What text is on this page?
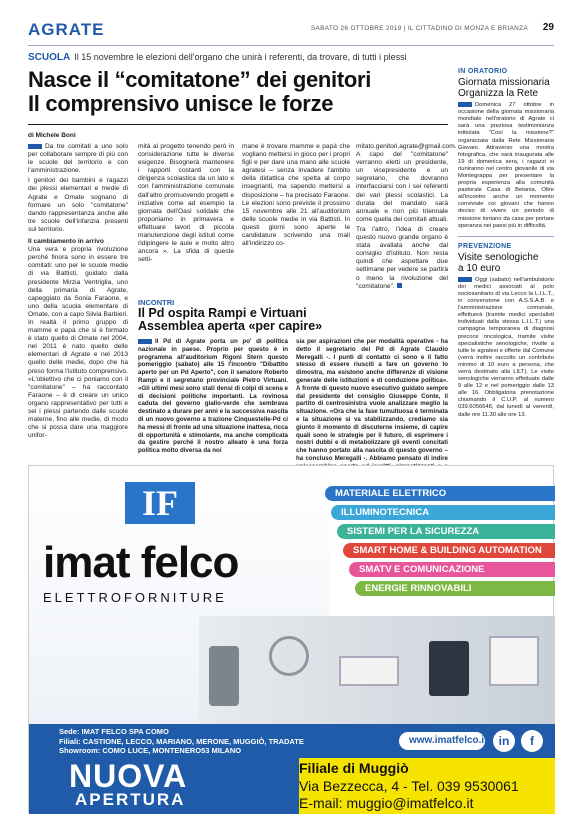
AGRATE	SABATO 26 OTTOBRE 2019 | IL CITTADINO DI MONZA E BRIANZA 29
SCUOLA Il 15 novembre le elezioni dell'organo che unirà i referenti, da trovare, di tutti i plessi
Nasce il “comitatone” dei genitori
Il comprensivo unisce le forze
di Michele Boni

Da tre comitati a uno solo per collaborare sempre di più con le scuole del territorio e con l'amministrazione.

I genitori dei bambini e ragazzi dei plessi elementari e medie di Agrate e Omate sognano di formare un solo "comitatone" dando rappresentanza anche alle tre scuole dell'infanzia presenti sul territorio.

Il cambiamento in arrivo

Una vera e propria rivoluzione perché finora sono in essere tre comitati: uno per le scuole medie di via Battisti, guidato dalla presidente Mirzia Ventriglia, uno della primaria di Agrate, capeggiato da Sonia Faraone, e uno della scuola elementare di Omate, con a capo Silvia Barbieri. In realtà il primo gruppo di mamme e papà che si è formato è stato quello di Omate nel 2004, nel 2011 è nato quello delle elementari di Agrate e nel 2013 quello delle medie, dopo che ha preso forma l'istituto comprensivo. «L'obiettivo che ci poniamo con il "comitatone" – ha raccontato Faraone – è di creare un unico organo rappresentativo per tutti e sei i plessi partendo dalle scuole materne, fino alle medie, di modo che si possa dare una maggiore unifor-

mità al progetto tenendo però in considerazione tutte le diverse esigenze. Bisognerà mantenere i rapporti costanti con la dirigenza scolastica da un lato e con l'amministrazione comunale dall'altro promuovendo progetti e iniziative come ad esempio la giornata dell'Oasi solidale che proponiamo in primavera e effettuare lavori di piccola manutenzione degli istituti come ridipingere le aule e molto altro ancora ». La sfida di queste setti-

mane è trovare mamme e papà che vogliano mettersi in gioco per i propri figli e per dare una mano alle scuole agratesi – senza invadere l'ambito della didattica che spetta al corpo insegnanti, ma sapendo mettersi a disposizione – ha precisato Faraone. Le elezioni sono previste il prossimo 15 novembre alle 21 all'auditorium delle scuole medie in via Battisti. In questi giorni sono aperte le candidature scrivendo una mail all'indirizzo co-

mitato.genitori.agrate@gmail.com. A capo del "comitatone" verranno eletti un presidente, un vicepresidente e un segretario, che dovranno interfacciarsi con i sei referenti dei vari plessi scolastici. La durata del mandato sarà annuale e non più triennale come quella dei comitati attuali.

Tra l'altro, l'idea di creare questo nuovo grande organo è stata avallata anche dal consiglio d'istituto. Non resta quindi che aspettare due settimane per vedere se partirà o meno la rivoluzione del "comitatone".

INCONTRI
Il Pd ospita Rampi e Virtuani
Assemblea aperta «per capire»

Il Pd di Agrate porta un po' di politica nazionale in paese. Proprio per questo è in programma all'auditorium Rigoni Stern questo pomeriggio (sabato) alle 15 l'incontro "Dibattito aperto per un Pd Aperto", con il senatore Roberto Rampi e il segretario provinciale Pietro Virtuani. «Gli ultimi mesi sono stati densi di colpi di scena e di decisioni politiche importanti. La rovinosa caduta del governo giallo-verde che sembrava destinato a durare per anni e la successiva nascita di un nuovo governo a trazione Cinquestelle-Pd ci ha messi di fronte ad una situazione inattesa, ricca di opportunità e stimolante, ma anche complicata da gestire perché il nostro alleato è una forza politica molto diversa da noi

sia per aspirazioni che per modalità operative - ha detto il segretario del Pd di Agrate Claudio Meregalli -. I punti di contatto ci sono e il fatto stesso di essere riusciti a fare un governo lo dimostra, ma esistono anche differenze di visione generale delle istituzioni e di conduzione politica». A fronte di questo nuovo esecutivo guidato sempre dal presidente del consiglio Giuseppe Conte, il partito di centrosinistra vuole analizzare meglio la situazione. «Ora che la fase tumultuosa è terminata e la situazione si va stabilizzando, crediamo sia giunto il momento di discuterne insieme, di capire quali sono le strategie per il futuro, di esprimere i nostri dubbi e di metabolizzare gli eventi concitati che hanno portato alla nascita di questo governo – ha concluso Meregalli -. Abbiamo pensato di indire

IN ORATORIO
Giornata missionaria
Organizza la Rete
Domenica 27 ottobre in occasione della giornata missionaria mondiale nell'oratorio di Agrate ci sarà una preziosa testimonianza intitolata "Così la missione?" organizzata dalla Rete Missionaria Giovani. Attraverso una mostra fotografica, che sarà inaugurata alle 19 di domenica sera, i ragazzi si riuniranno nel centro giovanile di via Montegrappa per presentare la propria esperienza alla comunità pastorale Casa di Betania. Oltre all'incontro anche un momento conviviale coi giovani che hanno deciso di vivere un periodo di missione lontano da casa per portare speranza nei paesi più in difficoltà.
PREVENZIONE
Visite senologiche
a 10 euro
Oggi (sabato) nell'ambulatorio dei medici associati al polo sociosanitario di via Lecco la L.I.L.T., in convenzione con A.S.S.A.B. e l'amministrazione comunale, effettuerà (tramite medici specialisti individuati dalla stessa L.I.L.T.) una campagna temporanea di diagnosi precoce oncologica, tramite visite specialistiche senologiche, rivolte a tutte le agratesi e offerte dal Comune (verrà inoltre raccolto un contributo minimo di 10 euro a persona, che verrà destinato alla LILT). Le visite senologiche verranno effettuate dalle 9 alle 12 e nel pomeriggio dalle 13 alle 16. Obbligatoria prenotazione chiamando il C.U.P. al numero 039.6056648, dal lunedì al venerdì, dalle ore 11.30 alle ore 13.
IF
imat felco
ELETTROFORNITURE
MATERIALE ELETTRICO
ILLUMINOTECNICA
SISTEMI PER LA SICUREZZA
SMART HOME & BUILDING AUTOMATION
SMATV E COMUNICAZIONE
ENERGIE RINNOVABILI
Sede: IMAT FELCO SPA COMO
Filiali: CASTIONE, LECCO, MARIANO, MERONE, MUGGIÒ, TRADATE
Showroom: COMO LUCE, MONTENERO53 MILANO
www.imatfelco.it in	f
NUOVA
APERTURA
Filiale di Muggiò
Via Bezzecca, 4 - Tel. 039 9530061
E-mail: muggio@imatfelco.it
